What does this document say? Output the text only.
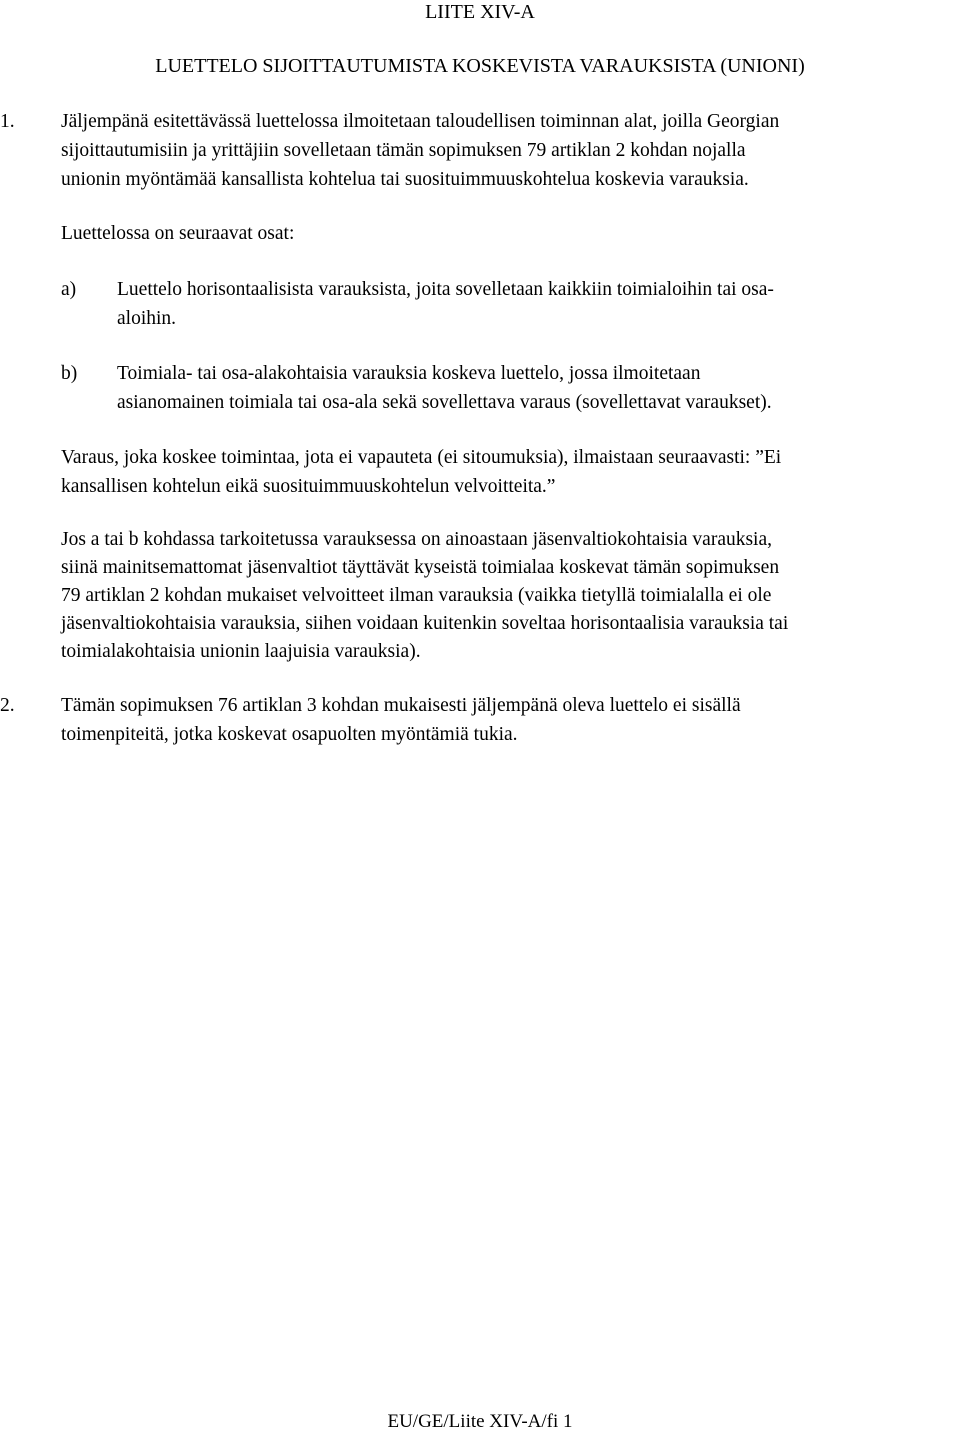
LIITE XIV-A
LUETTELO SIJOITTAUTUMISTA KOSKEVISTA VARAUKSISTA (UNIONI)
1. Jäljempänä esitettävässä luettelossa ilmoitetaan taloudellisen toiminnan alat, joilla Georgian
sijoittautumisiin ja yrittäjiin sovelletaan tämän sopimuksen 79 artiklan 2 kohdan nojalla
unionin myöntämää kansallista kohtelua tai suosituimmuuskohtelua koskevia varauksia.
Luettelossa on seuraavat osat:
a) Luettelo horisontaalisista varauksista, joita sovelletaan kaikkiin toimialoihin tai osa-
aloihin.
b) Toimiala- tai osa-alakohtaisia varauksia koskeva luettelo, jossa ilmoitetaan
asianomainen toimiala tai osa-ala sekä sovellettava varaus (sovellettavat varaukset).
Varaus, joka koskee toimintaa, jota ei vapauteta (ei sitoumuksia), ilmaistaan seuraavasti: ”Ei
kansallisen kohtelun eikä suosituimmuuskohtelun velvoitteita.”
Jos a tai b kohdassa tarkoitetussa varauksessa on ainoastaan jäsenvaltiokohtaisia varauksia,
siinä mainitsemattomat jäsenvaltiot täyttävät kyseistä toimialaa koskevat tämän sopimuksen
79 artiklan 2 kohdan mukaiset velvoitteet ilman varauksia (vaikka tietyllä toimialalla ei ole
jäsenvaltiokohtaisia varauksia, siihen voidaan kuitenkin soveltaa horisontaalisia varauksia tai
toimialakohtaisia unionin laajuisia varauksia).
2. Tämän sopimuksen 76 artiklan 3 kohdan mukaisesti jäljempänä oleva luettelo ei sisällä
toimenpiteitä, jotka koskevat osapuolten myöntämiä tukia.
EU/GE/Liite XIV-A/fi 1
